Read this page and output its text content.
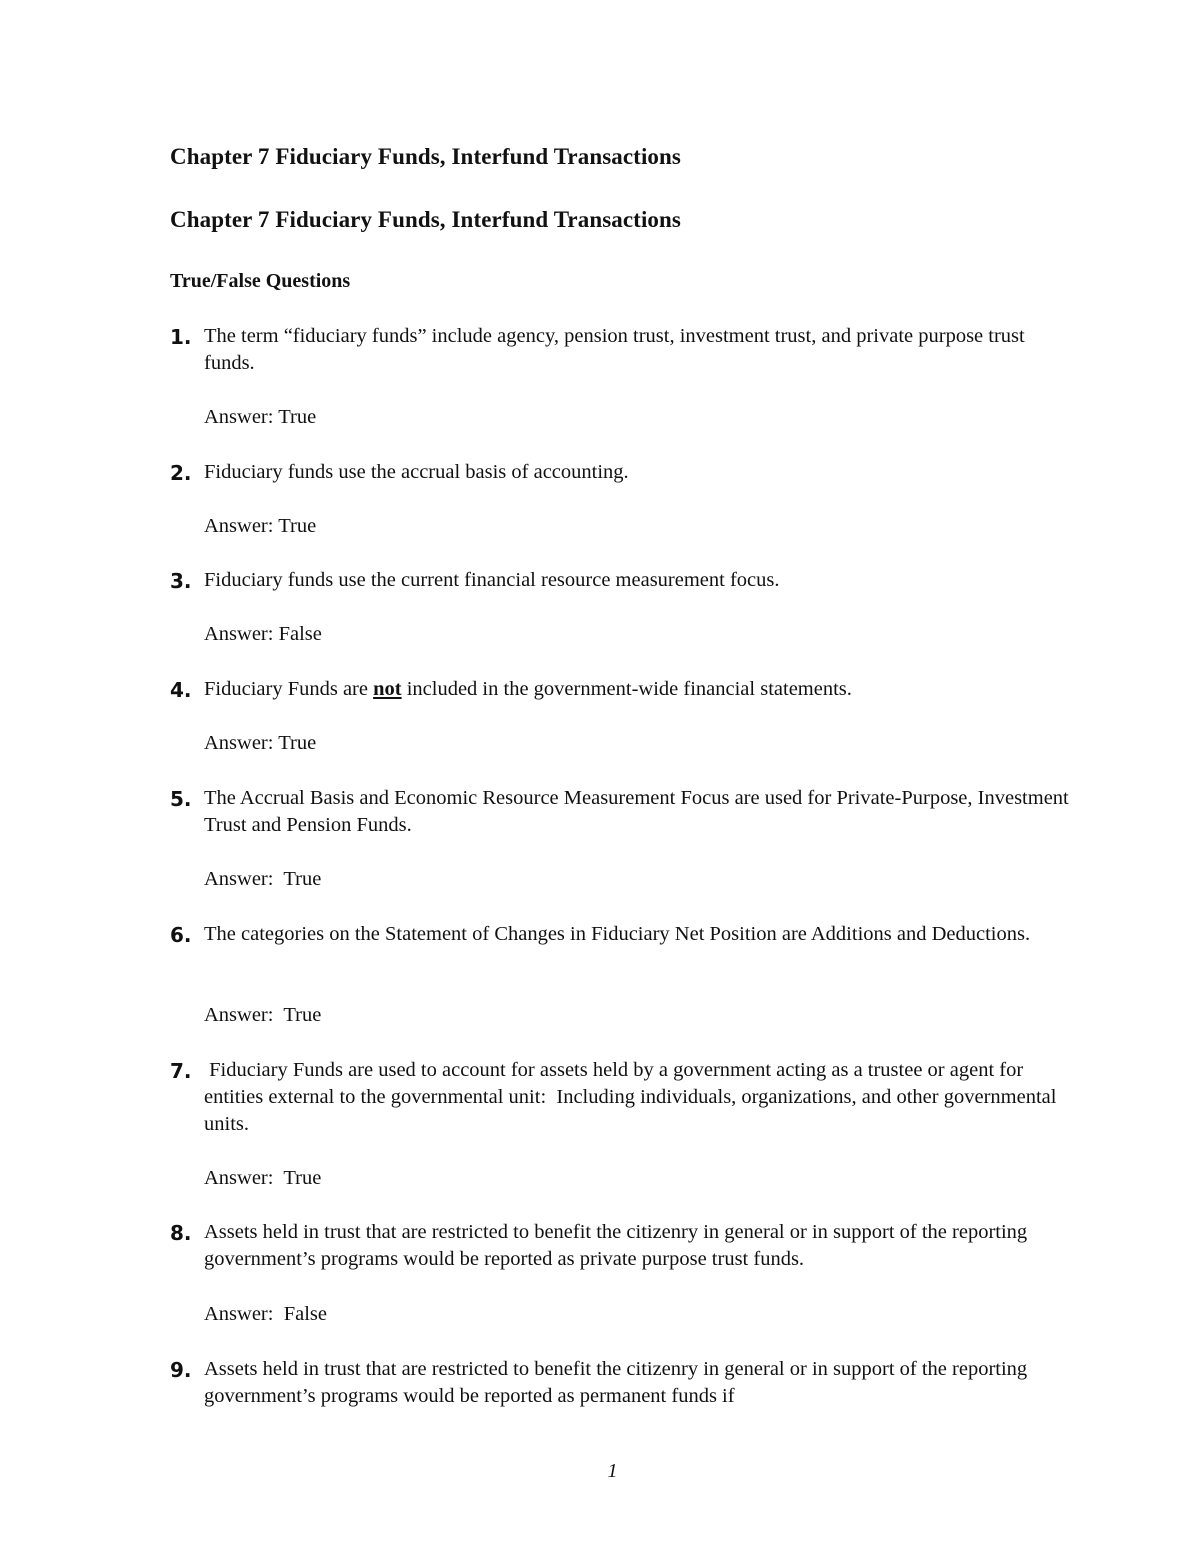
Chapter 7 Fiduciary Funds, Interfund Transactions
Chapter 7 Fiduciary Funds, Interfund Transactions
True/False Questions
1. The term “fiduciary funds” include agency, pension trust, investment trust, and private purpose trust funds.
Answer: True
2. Fiduciary funds use the accrual basis of accounting.
Answer: True
3. Fiduciary funds use the current financial resource measurement focus.
Answer: False
4. Fiduciary Funds are not included in the government-wide financial statements.
Answer: True
5. The Accrual Basis and Economic Resource Measurement Focus are used for Private-Purpose, Investment Trust and Pension Funds.
Answer:  True
6. The categories on the Statement of Changes in Fiduciary Net Position are Additions and Deductions.
Answer:  True
7. Fiduciary Funds are used to account for assets held by a government acting as a trustee or agent for entities external to the governmental unit:  Including individuals, organizations, and other governmental units.
Answer:  True
8. Assets held in trust that are restricted to benefit the citizenry in general or in support of the reporting government’s programs would be reported as private purpose trust funds.
Answer:  False
9. Assets held in trust that are restricted to benefit the citizenry in general or in support of the reporting government’s programs would be reported as permanent funds if
1
